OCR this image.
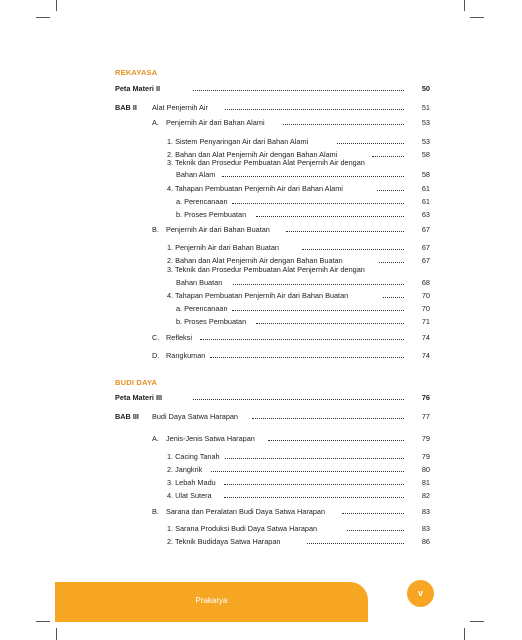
REKAYASA
BUDI DAYA
Peta Materi II	50
BAB II Alat Penjernih Air	51
A. Penjernih Air dari Bahan Alami	53
1. Sistem Penyaringan Air dari Bahan Alami	53
2. Bahan dan Alat Penjernih Air dengan Bahan Alami	58
3. Teknik dan Prosedur Pembuatan Alat Penjernih Air dengan
Bahan Alam	58
4. Tahapan Pembuatan Penjernih Air dari Bahan Alami	61
a. Perencanaan	61
b. Proses Pembuatan	63
B. Penjernih Air dari Bahan Buatan	67
1. Penjernih Air dari Bahan Buatan	67
2. Bahan dan Alat Penjernih Air dengan Bahan Buatan	67
3. Teknik dan Prosedur Pembuatan Alat Penjernih Air dengan
Bahan Buatan	68
4. Tahapan Pembuatan Penjernih Air dari Bahan Buatan	70
a. Perencanaan	70
b. Proses Pembuatan	71
C. Refleksi	74
D. Rangkuman	74
Peta Materi III	76
BAB III Budi Daya Satwa Harapan	77
A. Jenis-Jenis Satwa Harapan	79
1. Cacing Tanah	79
2. Jangkrik	80
3. Lebah Madu	81
4. Ulat Sutera	82
B. Sarana dan Peralatan Budi Daya Satwa Harapan	83
1. Sarana Produksi Budi Daya Satwa Harapan	83
2. Teknik Budidaya Satwa Harapan	86
Prakarya
v
